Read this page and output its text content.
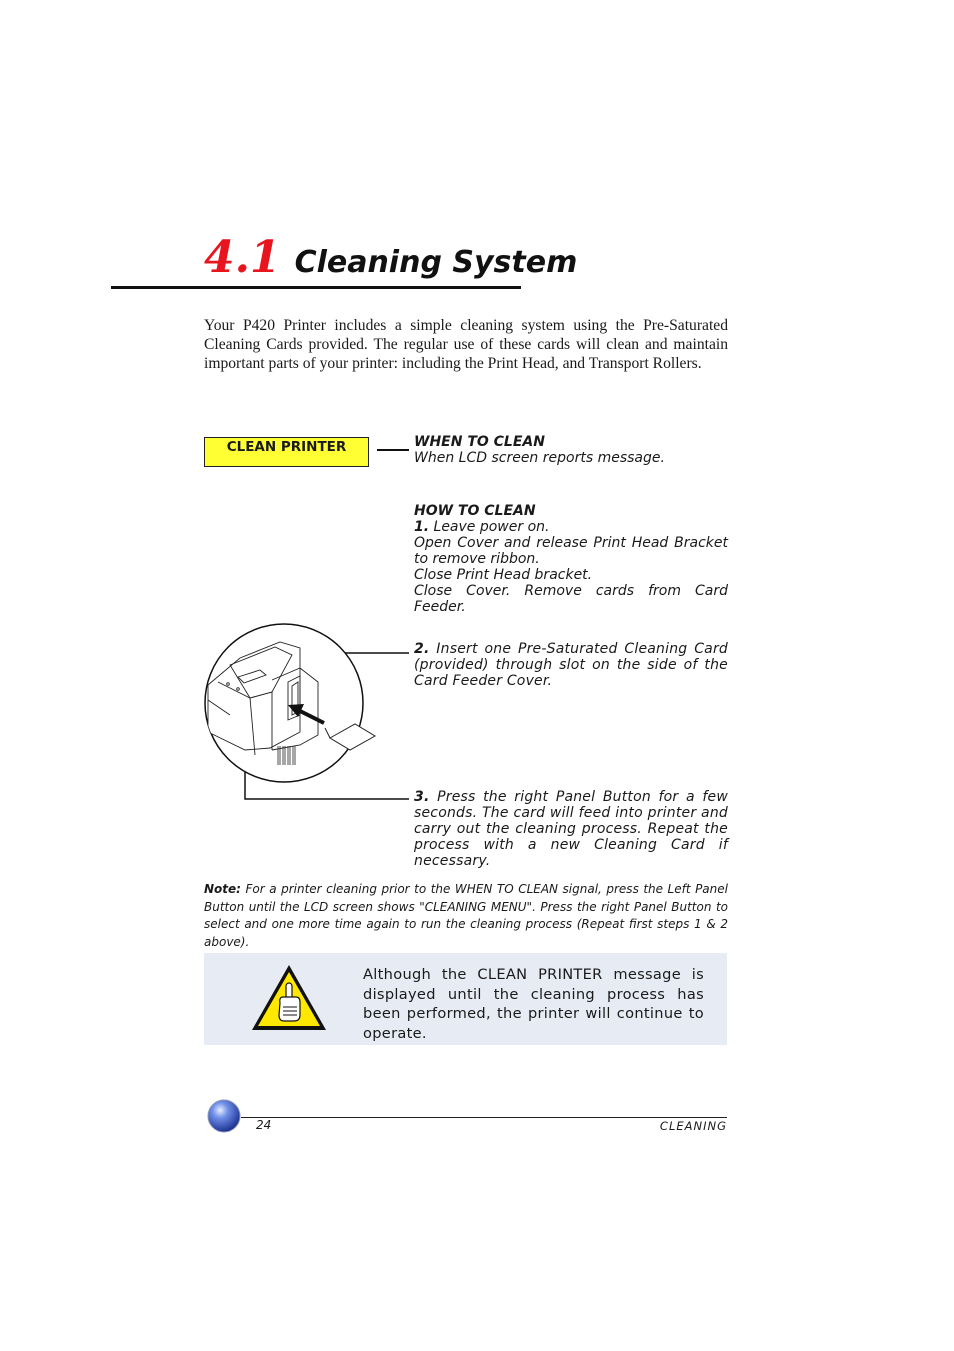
4.1 Cleaning System
Your P420 Printer includes a simple cleaning system using the Pre-Saturated Cleaning Cards provided. The regular use of these cards will clean and maintain important parts of your printer: including the Print Head, and Transport Rollers.
CLEAN PRINTER	WHEN TO CLEAN
When LCD screen reports message.
HOW TO CLEAN
1. Leave power on.
Open Cover and release Print Head Bracket to remove ribbon.
Close Print Head bracket.
Close Cover. Remove cards from Card Feeder.
2. Insert one Pre-Saturated Cleaning Card (provided) through slot on the side of the Card Feeder Cover.
3. Press the right Panel Button for a few seconds. The card will feed into printer and carry out the cleaning process. Repeat the process with a new Cleaning Card if necessary.
Note: For a printer cleaning prior to the WHEN TO CLEAN signal, press the Left Panel Button until the LCD screen shows "CLEANING MENU". Press the right Panel Button to select and one more time again to run the cleaning process (Repeat first steps 1 & 2 above).
Although the CLEAN PRINTER message is displayed until the cleaning process has been performed, the printer will continue to operate.
24	CLEANING
